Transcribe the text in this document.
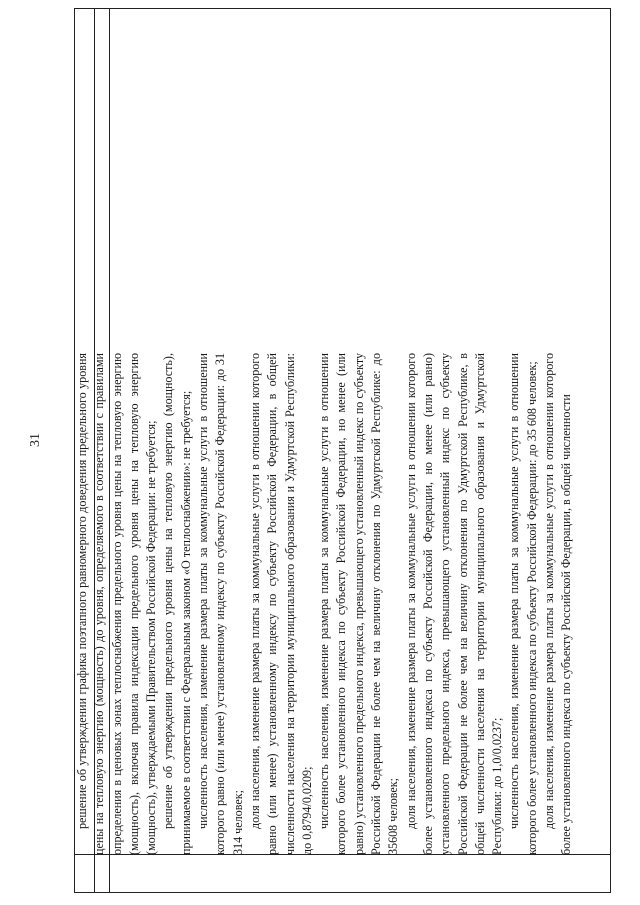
31	решение об утверждении графика поэтапного равномерного доведения предельного уровня цены на тепловую энергию (мощность) до уровня, определяемого в соответствии с правилами определения в ценовых зонах теплоснабжения предельного уровня цены на тепловую энергию (мощность), включая правила индексации предельного уровня цены на тепловую энергию (мощность), утверждаемыми Правительством Российской Федерации: не требуется; решение об утверждении предельного уровня цены на тепловую энергию (мощность), принимаемое в соответствии с Федеральным законом «О теплоснабжении»: не требуется; численность населения, изменение размера платы за коммунальные услуги в отношении которого равно (или менее) установленному индексу по субъекту Российской Федерации: до 31 314 человек; доля населения, изменение размера платы за коммунальные услуги в отношении которого равно (или менее) установленному индексу по субъекту Российской Федерации, в общей численности населения на территории муниципального образования и Удмуртской Республики: до 0,8794/0,0209; численность населения, изменение размера платы за коммунальные услуги в отношении которого более установленного индекса по субъекту Российской Федерации, но менее (или равно) установленного предельного индекса, превышающего установленный индекс по субъекту Российской Федерации не более чем на величину отклонения по Удмуртской Республике: до 35608 человек; доля населения, изменение размера платы за коммунальные услуги в отношении которого более установленного индекса по субъекту Российской Федерации, но менее (или равно) установленного предельного индекса, превышающего установленный индекс по субъекту Российской Федерации не более чем на величину отклонения по Удмуртской Республике, в общей численности населения на территории муниципального образования и Удмуртской Республики: до 1,0/0,0237; численность населения, изменение размера платы за коммунальные услуги в отношении которого более установленного индекса по субъекту Российской Федерации: до 35 608 человек; доля населения, изменение размера платы за коммунальные услуги в отношении которого более установленного индекса по субъекту Российской Федерации, в общей численности
